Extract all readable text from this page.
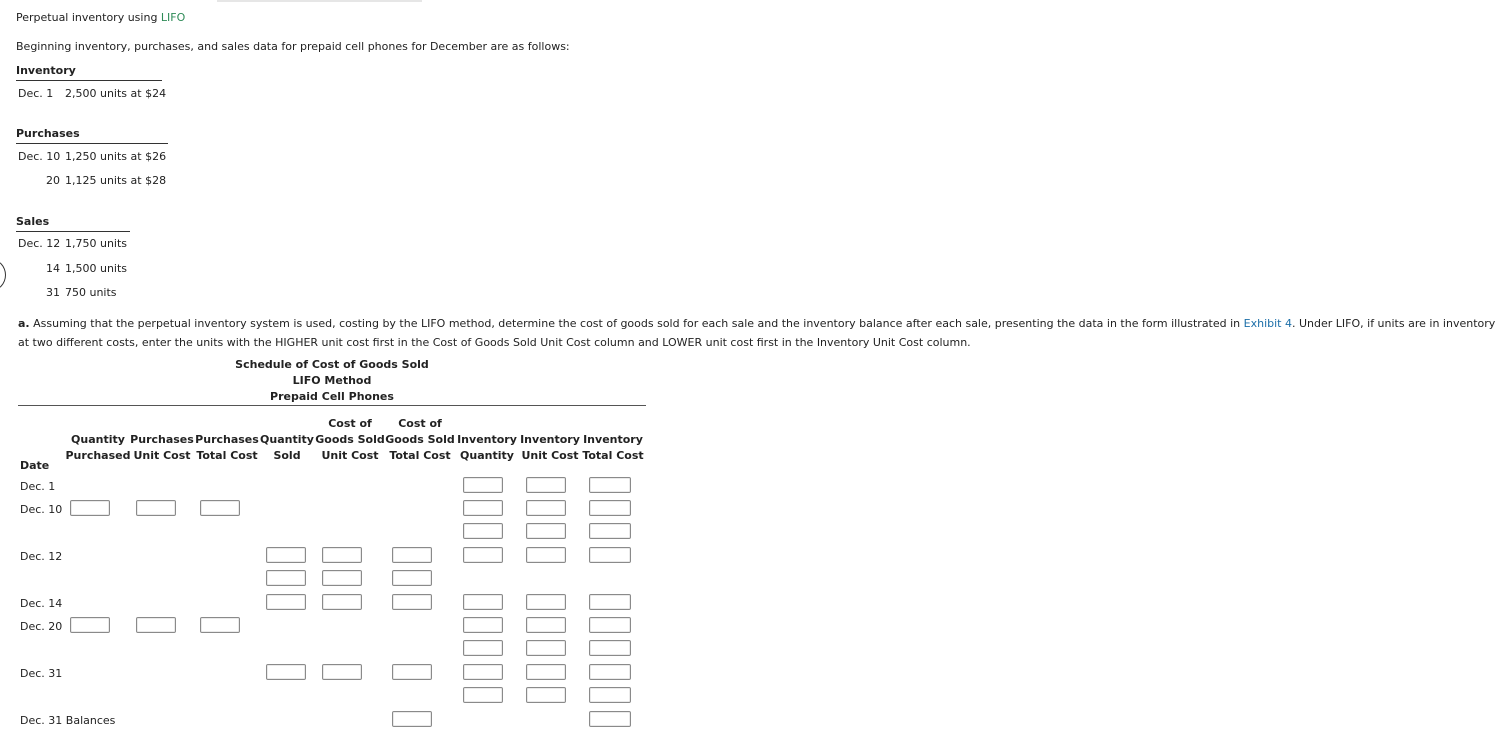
Perpetual inventory using LIFO
Beginning inventory, purchases, and sales data for prepaid cell phones for December are as follows:
Inventory
Dec. 1 2,500 units at $24
Purchases
Dec. 10 1,250 units at $26
20 1,125 units at $28
Sales
Dec. 12 1,750 units
14 1,500 units
31 750 units
a. Assuming that the perpetual inventory system is used, costing by the LIFO method, determine the cost of goods sold for each sale and the inventory balance after each sale, presenting the data in the form illustrated in Exhibit 4. Under LIFO, if units are in inventory at two different costs, enter the units with the HIGHER unit cost first in the Cost of Goods Sold Unit Cost column and LOWER unit cost first in the Inventory Unit Cost column.
Schedule of Cost of Goods Sold
LIFO Method
Prepaid Cell Phones
Date
Quantity
Purchased
Purchases
Unit Cost
Purchases
Total Cost
Quantity
Sold
Cost of
Goods Sold
Unit Cost
Cost of
Goods Sold
Total Cost
Inventory
Quantity
Inventory
Unit Cost
Inventory
Total Cost
Dec. 1
Dec. 10
Dec. 12
Dec. 14
Dec. 20
Dec. 31
Dec. 31 Balances
